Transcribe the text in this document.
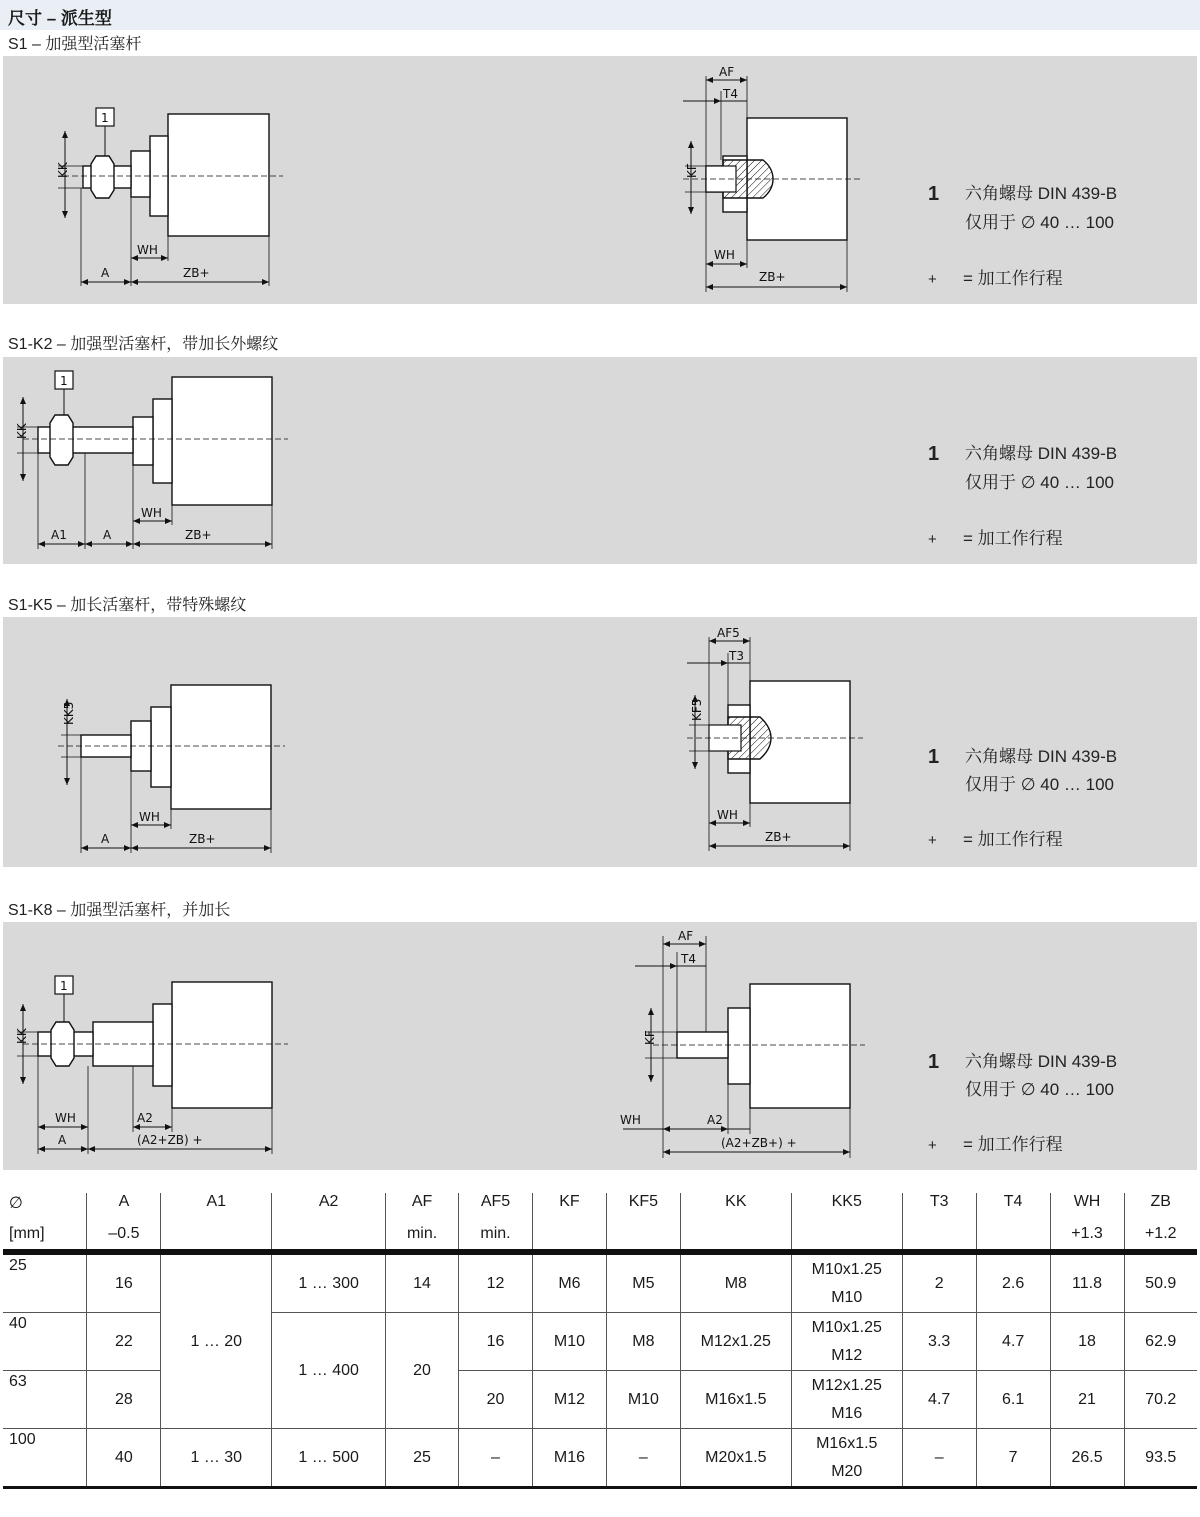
尺寸 – 派生型
S1 – 加强型活塞杆
1
KK
WH
A	ZB+
AF
T4
KF
WH
ZB+
1 六角螺母 DIN 439-B
仅用于 ∅ 40 … 100
+ = 加工作行程
S1-K2 – 加强型活塞杆，带加长外螺纹
1
KK
WH
A1	A	ZB+
1 六角螺母 DIN 439-B
仅用于 ∅ 40 … 100
+ = 加工作行程
S1-K5 – 加长活塞杆，带特殊螺纹
KK5
WH
A	ZB+
AF5
T3
KF5
WH
ZB+
1 六角螺母 DIN 439-B
仅用于 ∅ 40 … 100
+ = 加工作行程
S1-K8 – 加强型活塞杆，并加长
1
KK
WH	A2
A	(A2+ZB) +
AF
T4
KF
WH	A2
(A2+ZB+) +
1 六角螺母 DIN 439-B
仅用于 ∅ 40 … 100
+ = 加工作行程
∅	A	A1	A2	AF	AF5	KF	KF5	KK	KK5	T3	T4	WH	ZB
[mm]	–0.5			min.	min.							+1.3	+1.2
25	16	1 … 20	1 … 300	14	12	M6	M5	M8	M10x1.25
M10	2	2.6	11.8	50.9
40	22		1 … 400	20	16	M10	M8	M12x1.25	M10x1.25
M12	3.3	4.7	18	62.9
63	28				20	M12	M10	M16x1.5	M12x1.25
M16	4.7	6.1	21	70.2
100	40	1 … 30	1 … 500	25	–	M16	–	M20x1.5	M16x1.5
M20	–	7	26.5	93.5
